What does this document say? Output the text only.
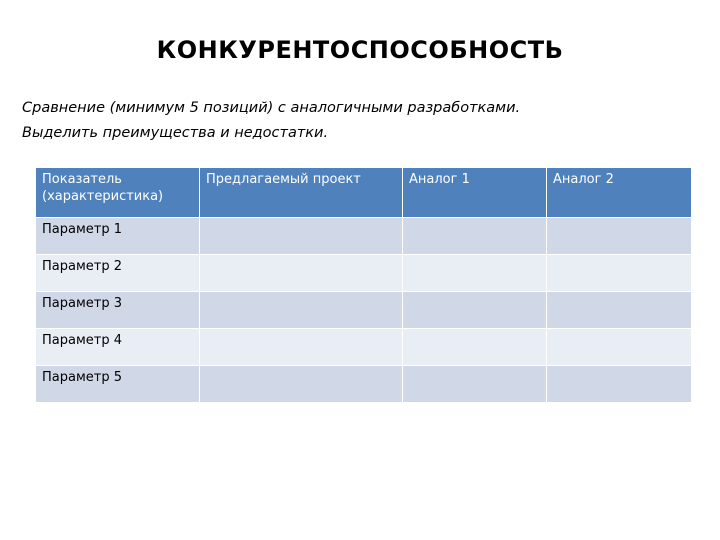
КОНКУРЕНТОСПОСОБНОСТЬ
Сравнение (минимум 5 позиций) с аналогичными разработками.
Выделить преимущества и недостатки.
Показатель (характеристика)	Предлагаемый проект	Аналог 1	Аналог 2
Параметр 1			
Параметр 2			
Параметр 3			
Параметр 4			
Параметр 5			
